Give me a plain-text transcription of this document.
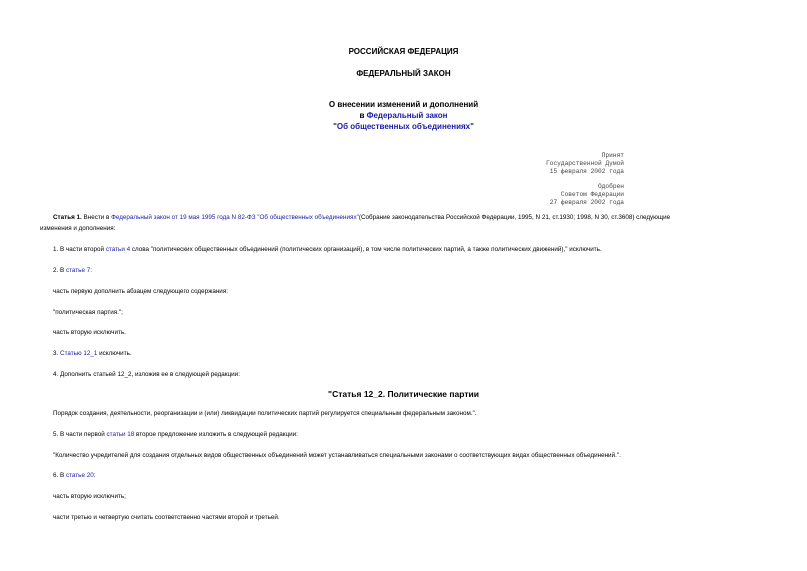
РОССИЙСКАЯ ФЕДЕРАЦИЯ
ФЕДЕРАЛЬНЫЙ ЗАКОН
О внесении изменений и дополнений
в Федеральный закон
"Об общественных объединениях"
Принят
Государственной Думой
15 февраля 2002 года
Одобрен
Советом Федерации
27 февраля 2002 года
Статья 1. Внести в Федеральный закон от 19 мая 1995 года N 82-ФЗ "Об общественных объединениях"(Собрание законодательства Российской Федерации, 1995, N 21, ст.1930; 1998, N 30, ст.3608) следующие
изменения и дополнения:
1. В части второй статьи 4 слова "политических общественных объединений (политических организаций), в том числе политических партий, а также политических движений)," исключить.
2. В статье 7:
часть первую дополнить абзацем следующего содержания:
"политическая партия.";
часть вторую исключить.
3. Статью 12_1 исключить.
4. Дополнить статьей 12_2, изложив ее в следующей редакции:
"Статья 12_2. Политические партии
Порядок создания, деятельности, реорганизации и (или) ликвидации политических партий регулируется специальным федеральным законом.".
5. В части первой статьи 18 второе предложение изложить в следующей редакции:
"Количество учредителей для создания отдельных видов общественных объединений может устанавливаться специальными законами о соответствующих видах общественных объединений.".
6. В статье 20:
часть вторую исключить;
части третью и четвертую считать соответственно частями второй и третьей.
